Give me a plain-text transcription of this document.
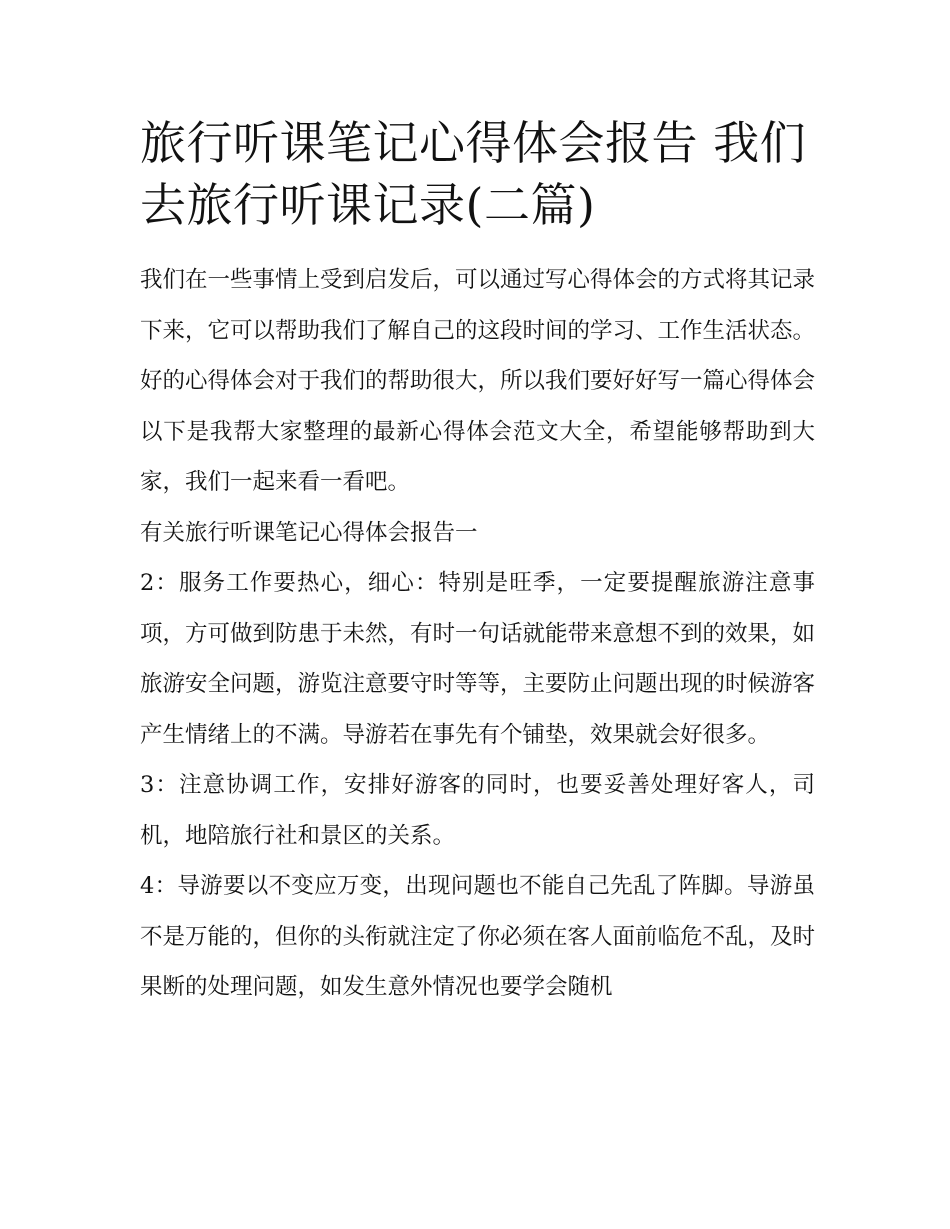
旅行听课笔记心得体会报告 我们去旅行听课记录(二篇)

我们在一些事情上受到启发后，可以通过写心得体会的方式将其记录下来，它可以帮助我们了解自己的这段时间的学习、工作生活状态。好的心得体会对于我们的帮助很大，所以我们要好好写一篇心得体会以下是我帮大家整理的最新心得体会范文大全，希望能够帮助到大家，我们一起来看一看吧。

有关旅行听课笔记心得体会报告一

2：服务工作要热心，细心：特别是旺季，一定要提醒旅游注意事项，方可做到防患于未然，有时一句话就能带来意想不到的效果，如旅游安全问题，游览注意要守时等等，主要防止问题出现的时候游客产生情绪上的不满。导游若在事先有个铺垫，效果就会好很多。

3：注意协调工作，安排好游客的同时，也要妥善处理好客人，司机，地陪旅行社和景区的关系。

4：导游要以不变应万变，出现问题也不能自己先乱了阵脚。导游虽不是万能的，但你的头衔就注定了你必须在客人面前临危不乱，及时果断的处理问题，如发生意外情况也要学会随机
